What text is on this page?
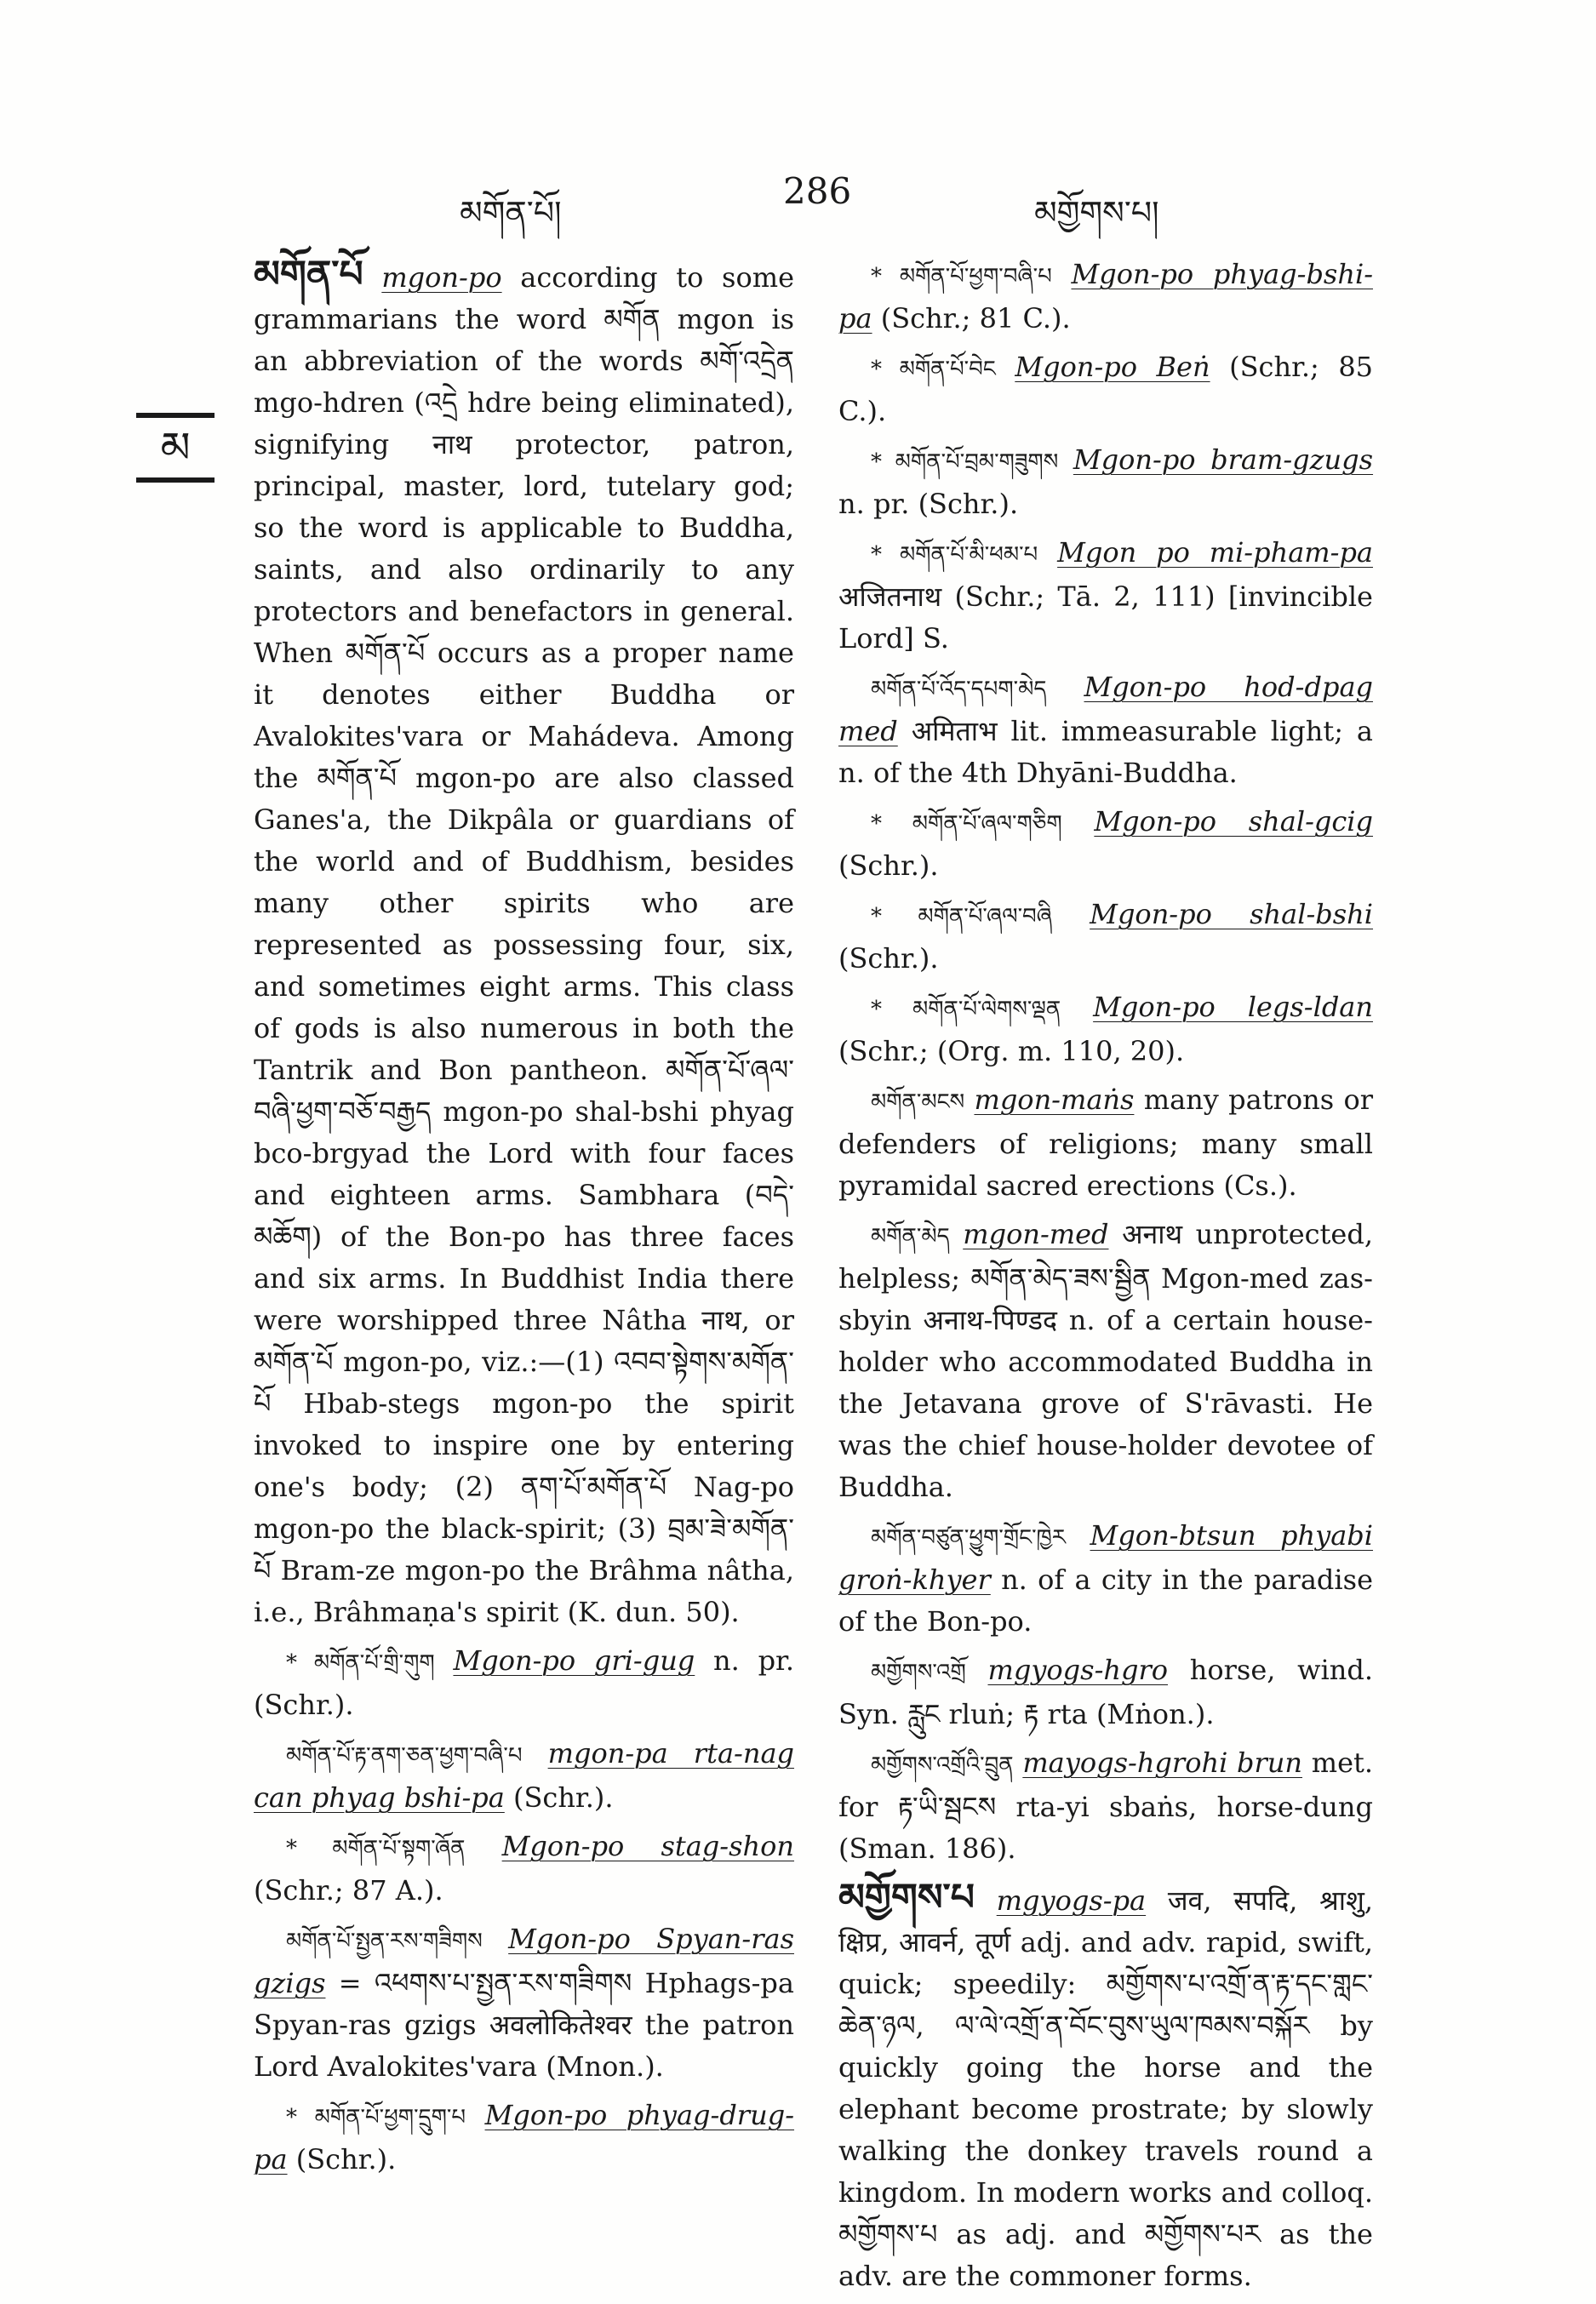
མགོན་པོ།
286
མགྱོགས་པ།
མ

མགོན་པོ mgon-po according to some grammarians the word མགོན mgon is an abbreviation of the words མགོ་འདྲེན mgo-hdren (འདྲེ hdre being eliminated), signifying नाथ protector, patron, principal, master, lord, tutelary god; so the word is applicable to Buddha, saints, and also ordinarily to any protectors and benefactors in general. When མགོན་པོ occurs as a proper name it denotes either Buddha or Avalokites'vara or Mahádeva. Among the མགོན་པོ mgon-po are also classed Ganes'a, the Dikpâla or guardians of the world and of Buddhism, besides many other spirits who are represented as possessing four, six, and sometimes eight arms. This class of gods is also numerous in both the Tantrik and Bon pantheon. མགོན་པོ་ཞལ་བཞི་ཕྱག་བཅོ་བརྒྱད mgon-po shal-bshi phyag bco-brgyad the Lord with four faces and eighteen arms. Sambhara (བདེ་མཆོག) of the Bon-po has three faces and six arms. In Buddhist India there were worshipped three Nâtha नाथ, or མགོན་པོ mgon-po, viz.:—(1) འབབ་སྟེགས་མགོན་པོ Hbab-stegs mgon-po the spirit invoked to inspire one by entering one's body; (2) ནག་པོ་མགོན་པོ Nag-po mgon-po the black-spirit; (3) བྲམ་ཟེ་མགོན་པོ Bram-ze mgon-po the Brâhma nâtha, i.e., Brâhmaṇa's spirit (K. dun. 50).

* མགོན་པོ་གྲི་གུག Mgon-po gri-gug n. pr. (Schr.).

མགོན་པོ་རྟ་ནག་ཅན་ཕྱག་བཞི་པ mgon-pa rta-nag can phyag bshi-pa (Schr.).

* མགོན་པོ་སྟག་ཞོན Mgon-po stag-shon (Schr.; 87 A.).

མགོན་པོ་སྤྱན་རས་གཟིགས Mgon-po Spyan-ras gzigs = འཕགས་པ་སྤྱན་རས་གཟིགས Hphags-pa Spyan-ras gzigs अवलोकितेश्वर the patron Lord Avalokites'vara (Mnon.).

* མགོན་པོ་ཕྱག་དྲུག་པ Mgon-po phyag-drug-pa (Schr.).

* མགོན་པོ་ཕྱག་བཞི་པ Mgon-po phyag-bshi-pa (Schr.; 81 C.).

* མགོན་པོ་བེང Mgon-po Beṅ (Schr.; 85 C.).

* མགོན་པོ་བྲམ་གཟུགས Mgon-po bram-gzugs n. pr. (Schr.).

* མགོན་པོ་མི་ཕམ་པ Mgon po mi-pham-pa अजितनाथ (Schr.; Tā. 2, 111) [invincible Lord] S.

མགོན་པོ་འོད་དཔག་མེད Mgon-po hod-dpag med अमिताभ lit. immeasurable light; a n. of the 4th Dhyāni-Buddha.

* མགོན་པོ་ཞལ་གཅིག Mgon-po shal-gcig (Schr.).

* མགོན་པོ་ཞལ་བཞི Mgon-po shal-bshi (Schr.).

* མགོན་པོ་ལེགས་ལྡན Mgon-po legs-ldan (Schr.; (Org. m. 110, 20).

མགོན་མངས mgon-maṅs many patrons or defenders of religions; many small pyramidal sacred erections (Cs.).

མགོན་མེད mgon-med अनाथ unprotected, helpless; མགོན་མེད་ཟས་སྦྱིན Mgon-med zas-sbyin अनाथ-पिण्डद n. of a certain house-holder who accommodated Buddha in the Jetavana grove of S'rāvasti. He was the chief house-holder devotee of Buddha.

མགོན་བཙུན་ཕྱུག་གྲོང་ཁྱེར Mgon-btsun phyabi groṅ-khyer n. of a city in the paradise of the Bon-po.

མགྱོགས་འགྲོ mgyogs-hgro horse, wind. Syn. རླུང rluṅ; རྟ rta (Mṅon.).

མགྱོགས་འགྲོའི་བྲུན mayogs-hgrohi brun met. for རྟ་ཡི་སྦངས rta-yi sbaṅs, horse-dung (Sman. 186).

མགྱོགས་པ mgyogs-pa जव, सपदि, श्राशु, क्षिप्र, आवर्न, तूर्ण adj. and adv. rapid, swift, quick; speedily: མགྱོགས་པ་འགྲོ་ན་རྟ་དང་གླང་ཆེན་ཉལ, ལ་ལེ་འགྲོ་ན་བོང་བུས་ཡུལ་ཁམས་བསྐོར by quickly going the horse and the elephant become prostrate; by slowly walking the donkey travels round a kingdom. In modern works and colloq. མགྱོགས་པ as adj. and མགྱོགས་པར as the adv. are the commoner forms.
